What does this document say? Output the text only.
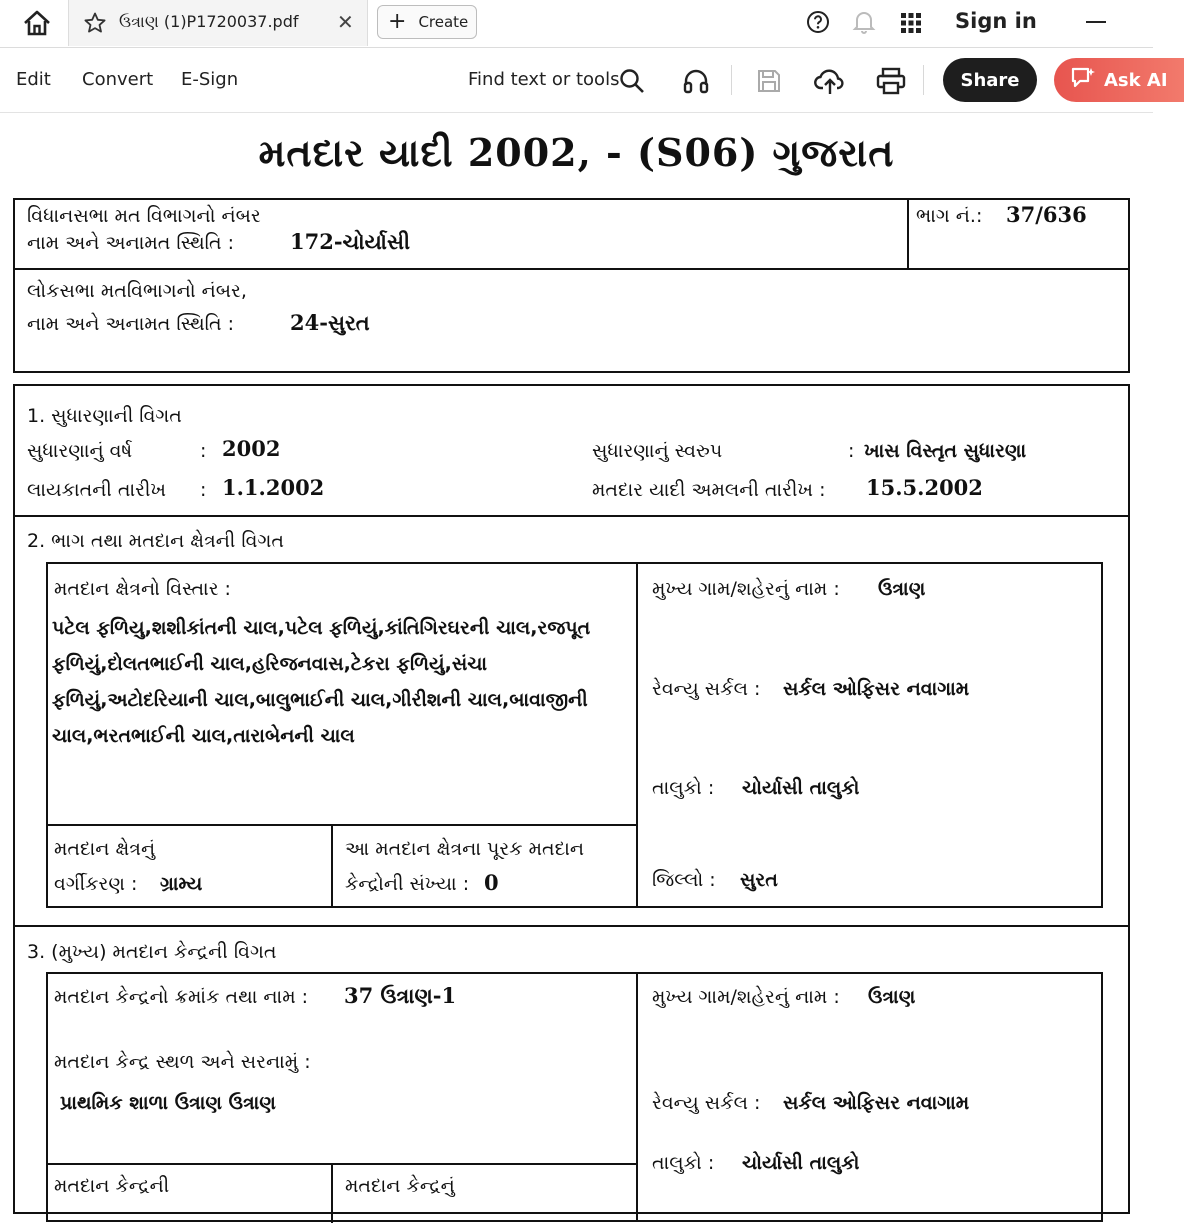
ઉત્રાણ (1)P1720037.pdf ✕ + Create	Sign in
Edit Convert E-Sign	Find text or tools	Share	Ask AI
મતદાર યાદી 2002, - (S06) ગુજરાત
વિધાનસભા મત વિભાગનો નંબર
નામ અને અનામત સ્થિતિ :	172-ચોર્યાસી
ભાગ નં.: 37/636
લોકસભા મતવિભાગનો નંબર,
નામ અને અનામત સ્થિતિ :	24-સુરત
1. સુધારણાની વિગત
સુધારણાનું વર્ષ	: 2002	સુધારણાનું સ્વરુપ	: ખાસ વિસ્તૃત સુધારણા
લાયકાતની તારીખ : 1.1.2002	મતદાર યાદી અમલની તારીખ : 15.5.2002
2. ભાગ તથા મતદાન ક્ષેત્રની વિગત
મતદાન ક્ષેત્રનો વિસ્તાર :
પટેલ ફળિયુ,શશીકાંતની ચાલ,પટેલ ફળિયું,કાંતિગિરઘરની ચાલ,રજપૂત ફળિયું,દોલતભાઈની ચાલ,હરિજનવાસ,ટેકરા ફળિયું,સંચા ફળિયું,અટોદરિયાની ચાલ,બાલુભાઈની ચાલ,ગીરીશની ચાલ,બાવાજીની ચાલ,ભરતભાઈની ચાલ,તારાબેનની ચાલ
મતદાન ક્ષેત્રનું
વર્ગીકરણ : ગ્રામ્ય
આ મતદાન ક્ષેત્રના પૂરક મતદાન
કેન્દ્રોની સંખ્યા : 0
મુખ્ય ગામ/શહેરનું નામ : ઉત્રાણ
રેવન્યુ સર્કલ : સર્કલ ઓફિસર નવાગામ
તાલુકો : ચોર્યાસી તાલુકો
જિલ્લો : સુરત
3. (મુખ્ય) મતદાન કેન્દ્રની વિગત
મતદાન કેન્દ્રનો ક્રમાંક તથા નામ : 37 ઉત્રાણ-1
મતદાન કેન્દ્ર સ્થળ અને સરનામું :
પ્રાથમિક શાળા ઉત્રાણ ઉત્રાણ
મુખ્ય ગામ/શહેરનું નામ : ઉત્રાણ
રેવન્યુ સર્કલ : સર્કલ ઓફિસર નવાગામ
તાલુકો : ચોર્યાસી તાલુકો
મતદાન કેન્દ્રની	મતદાન કેન્દ્રનું
